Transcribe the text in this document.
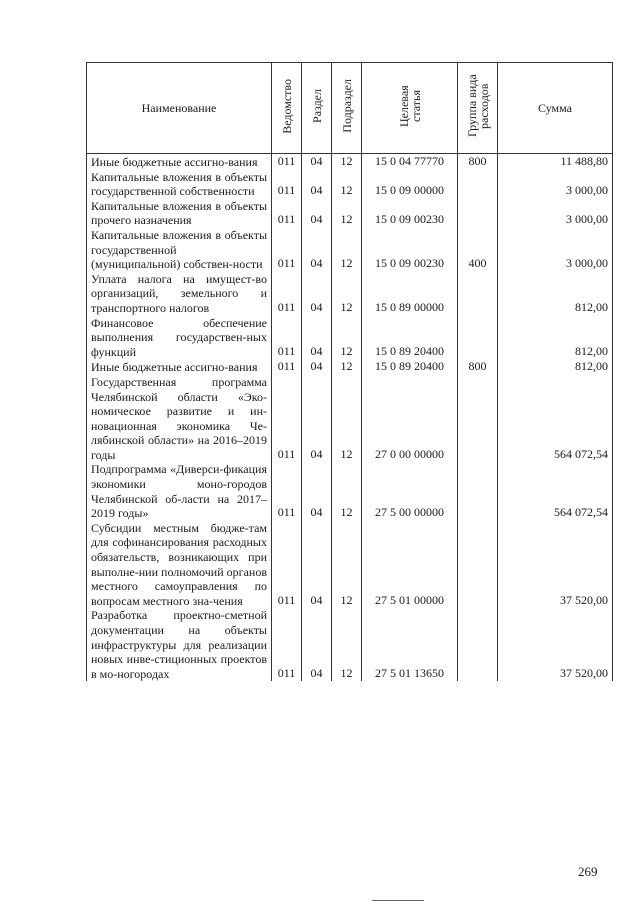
Наименование	Ведомство	Раздел	Подраздел	Целевая статья	Группа вида расходов	Сумма
Иные бюджетные ассигно-вания	011	04	12	15 0 04 77770	800	11 488,80
Капитальные вложения в объекты государственной собственности	011	04	12	15 0 09 00000		3 000,00
Капитальные вложения в объекты прочего назначения	011	04	12	15 0 09 00230		3 000,00
Капитальные вложения в объекты государственной (муниципальной) собствен-ности	011	04	12	15 0 09 00230	400	3 000,00
Уплата налога на имущест-во организаций, земельного и транспортного налогов	011	04	12	15 0 89 00000		812,00
Финансовое обеспечение выполнения государствен-ных функций	011	04	12	15 0 89 20400		812,00
Иные бюджетные ассигно-вания	011	04	12	15 0 89 20400	800	812,00
Государственная программа Челябинской области «Эко-номическое развитие и ин-новационная экономика Че-лябинской области» на 2016–2019 годы	011	04	12	27 0 00 00000		564 072,54
Подпрограмма «Диверси-фикация экономики моно-городов Челябинской об-ласти на 2017–2019 годы»	011	04	12	27 5 00 00000		564 072,54
Субсидии местным бюдже-там для софинансирования расходных обязательств, возникающих при выполне-нии полномочий органов местного самоуправления по вопросам местного зна-чения	011	04	12	27 5 01 00000		37 520,00
Разработка проектно-сметной документации на объекты инфраструктуры для реализации новых инве-стиционных проектов в мо-ногородах	011	04	12	27 5 01 13650		37 520,00
269
